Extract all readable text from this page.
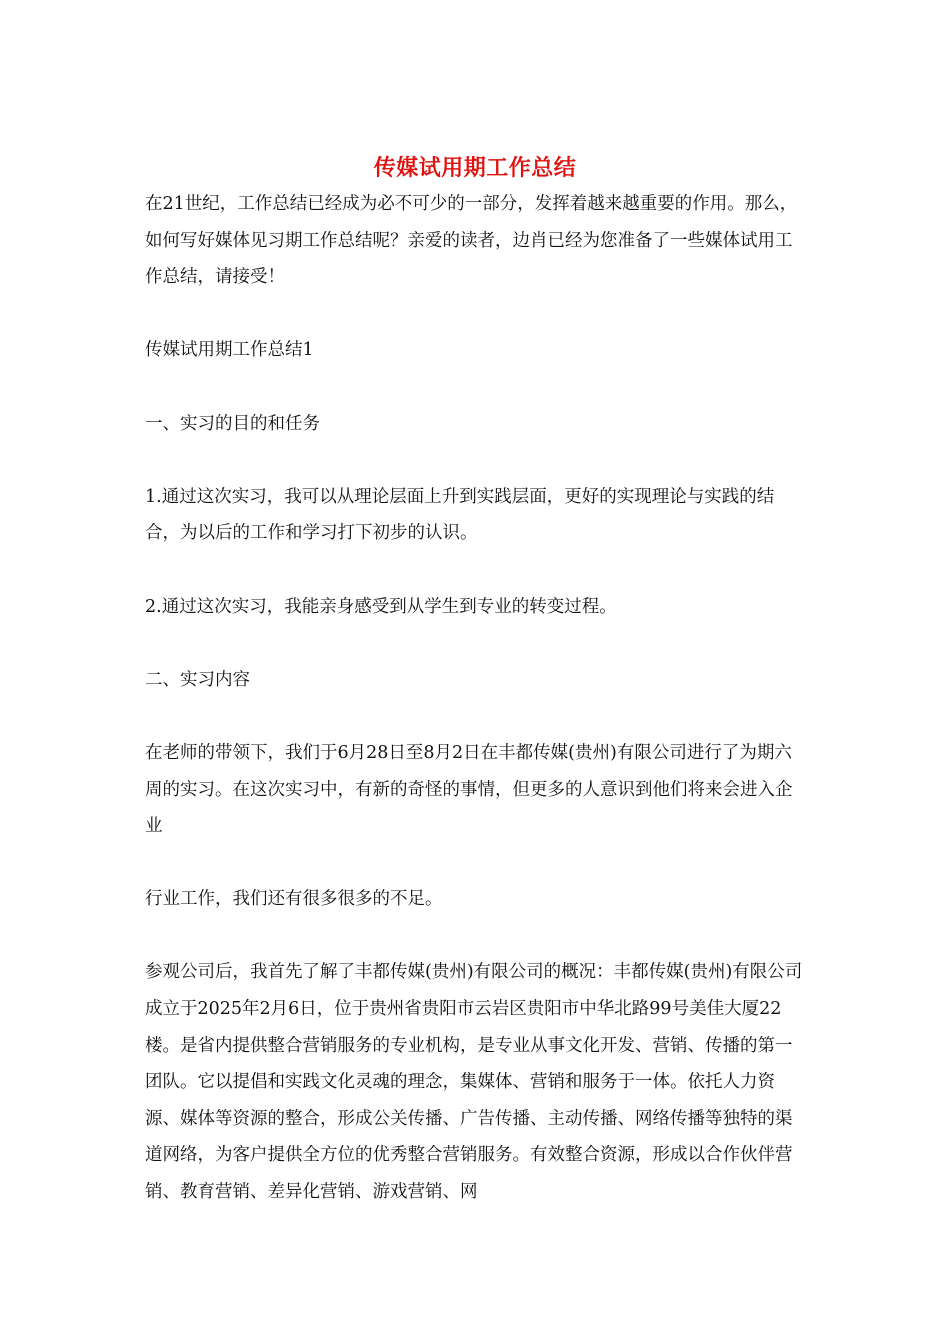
传媒试用期工作总结

在21世纪，工作总结已经成为必不可少的一部分，发挥着越来越重要的作用。那么，如何写好媒体见习期工作总结呢？亲爱的读者，边肖已经为您准备了一些媒体试用工作总结，请接受！

传媒试用期工作总结1

一、实习的目的和任务

1.通过这次实习，我可以从理论层面上升到实践层面，更好的实现理论与实践的结合，为以后的工作和学习打下初步的认识。

2.通过这次实习，我能亲身感受到从学生到专业的转变过程。

二、实习内容

在老师的带领下，我们于6月28日至8月2日在丰都传媒(贵州)有限公司进行了为期六周的实习。在这次实习中，有新的奇怪的事情，但更多的人意识到他们将来会进入企业

行业工作，我们还有很多很多的不足。

参观公司后，我首先了解了丰都传媒(贵州)有限公司的概况：丰都传媒(贵州)有限公司成立于2025年2月6日，位于贵州省贵阳市云岩区贵阳市中华北路99号美佳大厦22楼。是省内提供整合营销服务的专业机构，是专业从事文化开发、营销、传播的第一团队。它以提倡和实践文化灵魂的理念，集媒体、营销和服务于一体。依托人力资源、媒体等资源的整合，形成公关传播、广告传播、主动传播、网络传播等独特的渠道网络，为客户提供全方位的优秀整合营销服务。有效整合资源，形成以合作伙伴营销、教育营销、差异化营销、游戏营销、网
